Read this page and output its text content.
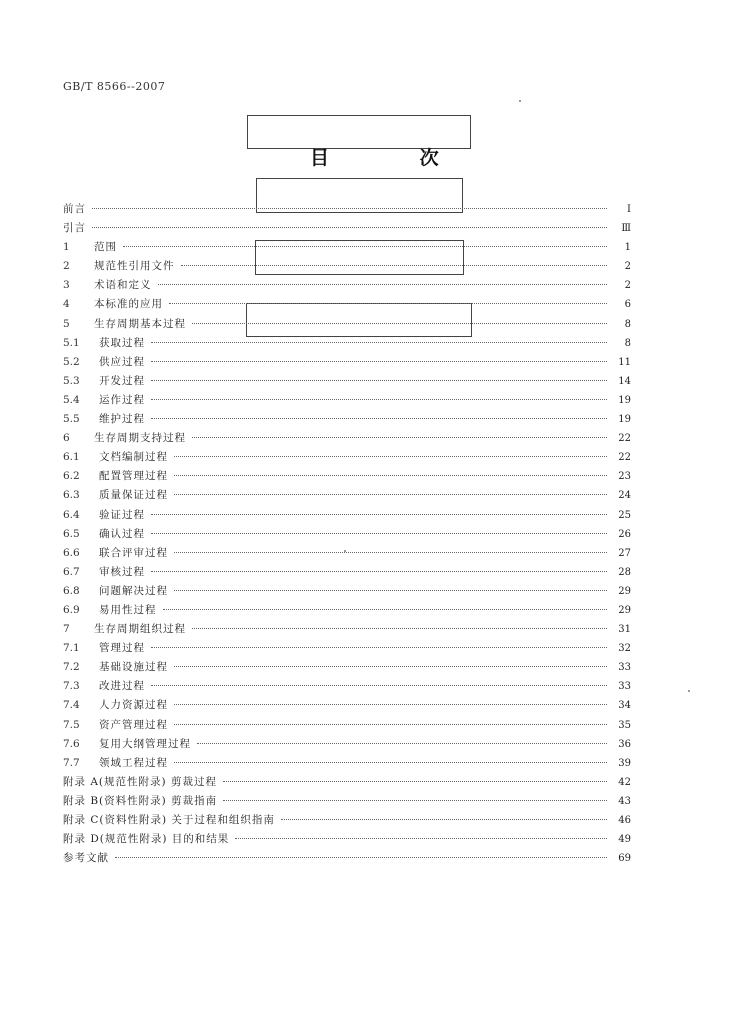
GB/T 8566--2007
目 次
前言	I
引言	Ⅲ
1	范围	1
2	规范性引用文件	2
3	术语和定义	2
4	本标准的应用	6
5	生存周期基本过程	8
5.1	获取过程	8
5.2	供应过程	11
5.3	开发过程	14
5.4	运作过程	19
5.5	维护过程	19
6	生存周期支持过程	22
6.1	文档编制过程	22
6.2	配置管理过程	23
6.3	质量保证过程	24
6.4	验证过程	25
6.5	确认过程	26
6.6	联合评审过程	27
6.7	审核过程	28
6.8	问题解决过程	29
6.9	易用性过程	29
7	生存周期组织过程	31
7.1	管理过程	32
7.2	基础设施过程	33
7.3	改进过程	33
7.4	人力资源过程	34
7.5	资产管理过程	35
7.6	复用大纲管理过程	36
7.7	领域工程过程	39
附录 A(规范性附录) 剪裁过程	42
附录 B(资料性附录) 剪裁指南	43
附录 C(资料性附录) 关于过程和组织指南	46
附录 D(规范性附录) 目的和结果	49
参考文献	69
